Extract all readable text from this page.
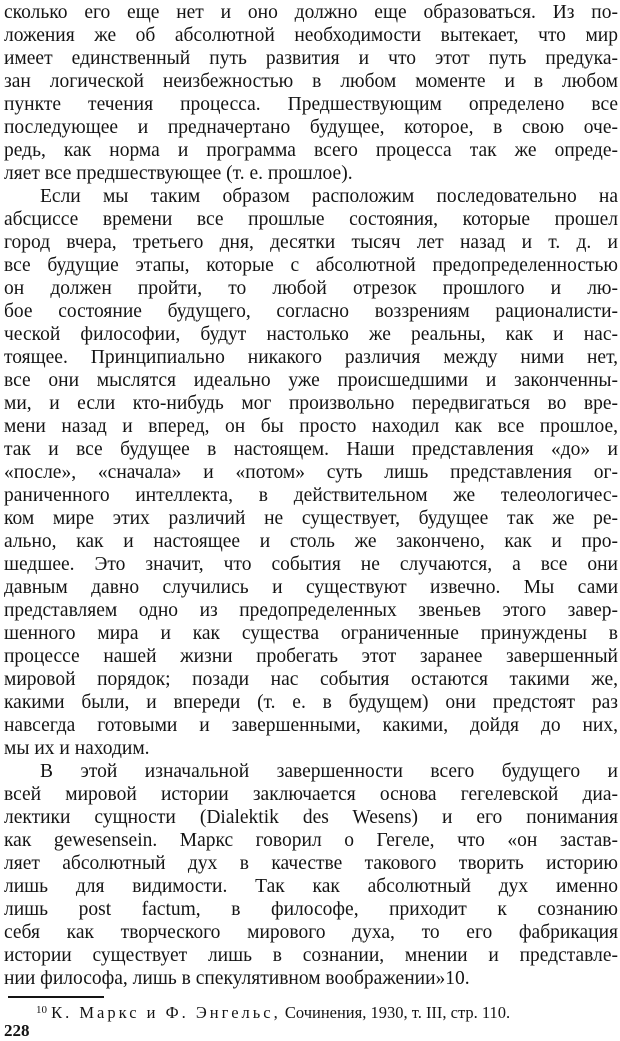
сколько его еще нет и оно должно еще образоваться. Из по-
ложения же об абсолютной необходимости вытекает, что мир
имеет единственный путь развития и что этот путь предука-
зан логической неизбежностью в любом моменте и в любом
пункте течения процесса. Предшествующим определено все
последующее и предначертано будущее, которое, в свою оче-
редь, как норма и программа всего процесса так же опреде-
ляет все предшествующее (т. е. прошлое).
Если мы таким образом расположим последовательно на
абсциссе времени все прошлые состояния, которые прошел
город вчера, третьего дня, десятки тысяч лет назад и т. д. и
все будущие этапы, которые с абсолютной предопределенностью
он должен пройти, то любой отрезок прошлого и лю-
бое состояние будущего, согласно воззрениям рационалисти-
ческой философии, будут настолько же реальны, как и нас-
тоящее. Принципиально никакого различия между ними нет,
все они мыслятся идеально уже происшедшими и законченны-
ми, и если кто-нибудь мог произвольно передвигаться во вре-
мени назад и вперед, он бы просто находил как все прошлое,
так и все будущее в настоящем. Наши представления «до» и
«после», «сначала» и «потом» суть лишь представления ог-
раниченного интеллекта, в действительном же телеологичес-
ком мире этих различий не существует, будущее так же ре-
ально, как и настоящее и столь же закончено, как и про-
шедшее. Это значит, что события не случаются, а все они
давным давно случились и существуют извечно. Мы сами
представляем одно из предопределенных звеньев этого завер-
шенного мира и как существа ограниченные принуждены в
процессе нашей жизни пробегать этот заранее завершенный
мировой порядок; позади нас события остаются такими же,
какими были, и впереди (т. е. в будущем) они предстоят раз
навсегда готовыми и завершенными, какими, дойдя до них,
мы их и находим.
В этой изначальной завершенности всего будущего и
всей мировой истории заключается основа гегелевской диа-
лектики сущности (Dialektik des Wesens) и его понимания
как gewesensein. Маркс говорил о Гегеле, что «он застав-
ляет абсолютный дух в качестве такового творить историю
лишь для видимости. Так как абсолютный дух именно
лишь post factum, в философе, приходит к сознанию
себя как творческого мирового духа, то его фабрикация
истории существует лишь в сознании, мнении и представле-
нии философа, лишь в спекулятивном воображении»10.
$^{10}$ К. Маркс и Ф. Энгельс, Сочинения, 1930, т. III, стр. 110.
228
